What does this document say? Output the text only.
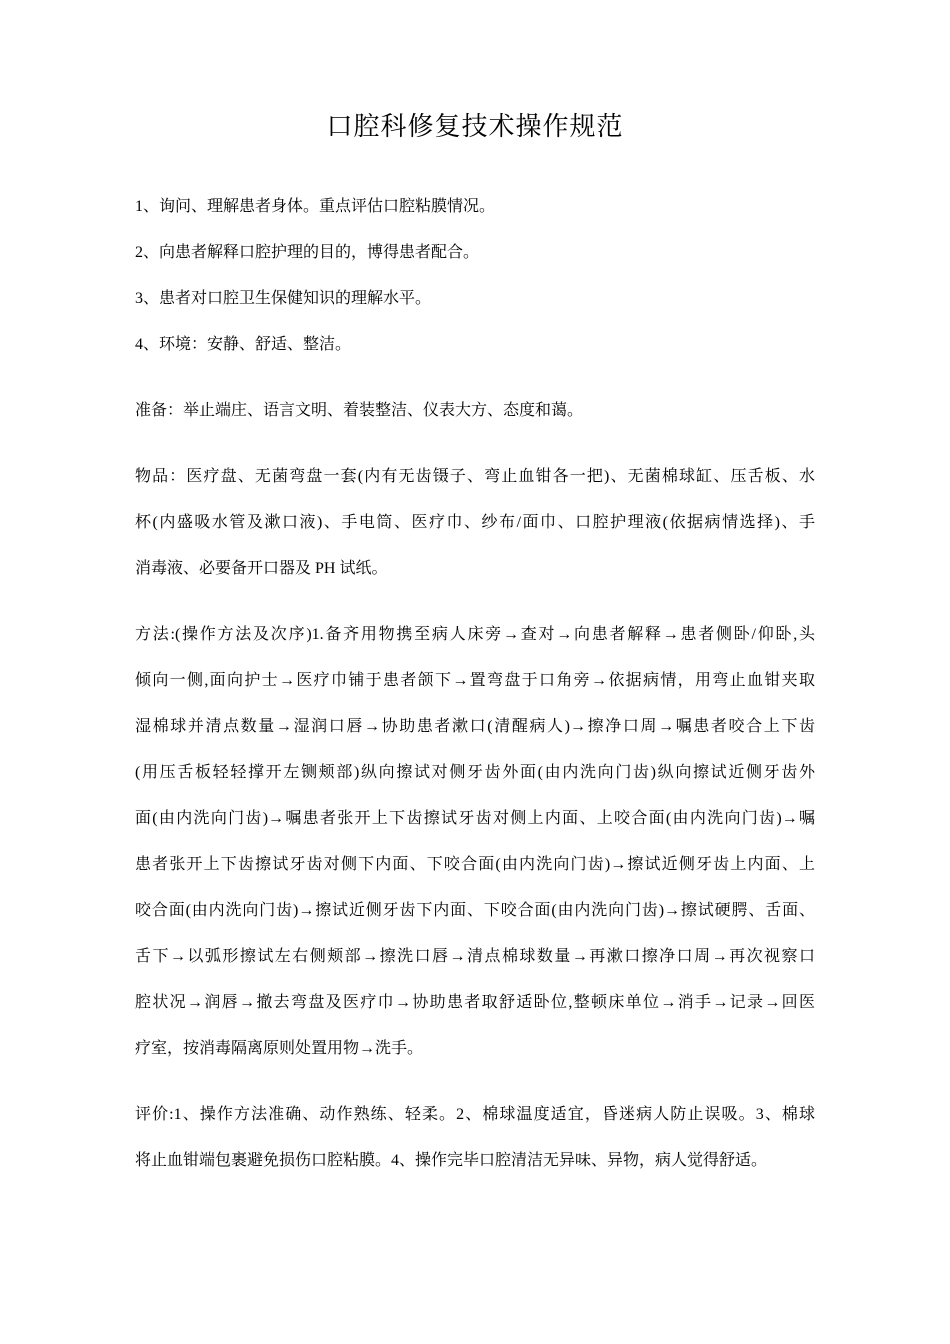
口腔科修复技术操作规范
1、询问、理解患者身体。重点评估口腔粘膜情况。
2、向患者解释口腔护理的目的，博得患者配合。
3、患者对口腔卫生保健知识的理解水平。
4、环境：安静、舒适、整洁。
准备：举止端庄、语言文明、着装整洁、仪表大方、态度和蔼。
物品：医疗盘、无菌弯盘一套(内有无齿镊子、弯止血钳各一把)、无菌棉球缸、压舌板、水
杯(内盛吸水管及漱口液)、手电筒、医疗巾、纱布/面巾、口腔护理液(依据病情选择)、手
消毒液、必要备开口器及 PH 试纸。
方法:(操作方法及次序)1.备齐用物携至病人床旁→查对→向患者解释→患者侧卧/仰卧,头
倾向一侧,面向护士→医疗巾铺于患者颌下→置弯盘于口角旁→依据病情，用弯止血钳夹取
湿棉球并清点数量→湿润口唇→协助患者漱口(清醒病人)→擦净口周→嘱患者咬合上下齿
(用压舌板轻轻撑开左铡颊部)纵向擦试对侧牙齿外面(由内洗向门齿)纵向擦试近侧牙齿外
面(由内洗向门齿)→嘱患者张开上下齿擦试牙齿对侧上内面、上咬合面(由内洗向门齿)→嘱
患者张开上下齿擦试牙齿对侧下内面、下咬合面(由内洗向门齿)→擦试近侧牙齿上内面、上
咬合面(由内洗向门齿)→擦试近侧牙齿下内面、下咬合面(由内洗向门齿)→擦试硬腭、舌面、
舌下→以弧形擦试左右侧颊部→擦洗口唇→清点棉球数量→再漱口擦净口周→再次视察口
腔状况→润唇→撤去弯盘及医疗巾→协助患者取舒适卧位,整顿床单位→消手→记录→回医
疗室，按消毒隔离原则处置用物→洗手。
评价:1、操作方法准确、动作熟练、轻柔。2、棉球温度适宜，昏迷病人防止误吸。3、棉球
将止血钳端包裹避免损伤口腔粘膜。4、操作完毕口腔清洁无异味、异物，病人觉得舒适。
